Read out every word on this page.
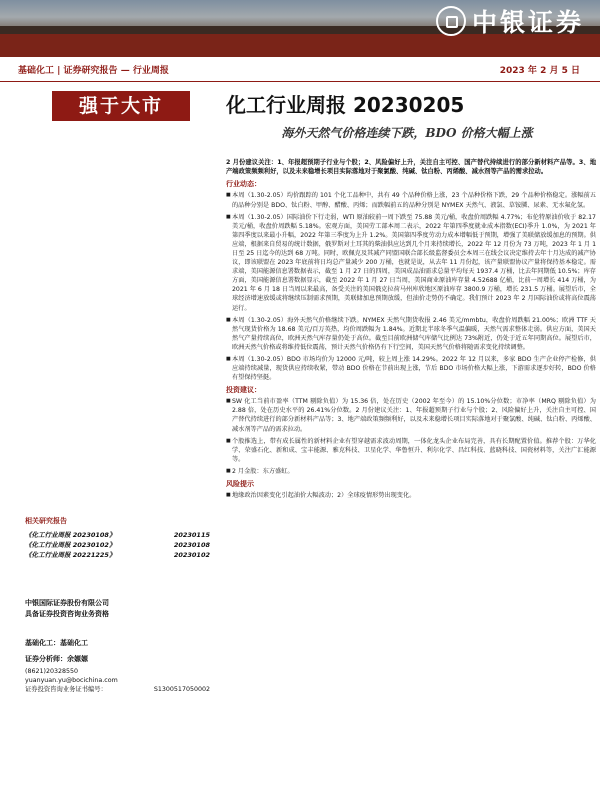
中银证券
基础化工 | 证券研究报告 — 行业周报	2023 年 2 月 5 日
强于大市	化工行业周报 20230205
海外天然气价格连续下跌，BDO 价格大幅上涨
相关研究报告
《化工行业周报 20230108》	20230115
《化工行业周报 20230102》	20230108
《化工行业周报 20221225》	20230102
中银国际证券股份有限公司
具备证券投资咨询业务资格
基础化工：基础化工
证券分析师：余嫄嫄
(8621)20328550
yuanyuan.yu@bocichina.com
证券投资咨询业务证书编号：	S1300517050002
2 月份建议关注：1、年报超预期子行业与个股；2、风险偏好上升，关注自主可控、国产替代持续进行的部分新材料产品等。3、地产端政策频频利好，以及未来稳增长项目实际落地对于聚氯酸、纯碱、钛白粉、丙烯酸、减水剂等产品的需求拉动。
行业动态：

■ 本周（1.30-2.05）均价跟踪的 101 个化工品种中，共有 49 个品种价格上涨，23 个品种价格下跌，29 个品种价格稳定。涨幅前五的品种分别是 BDO、钛白粉、甲醇、醋酸、丙烯；而跌幅前五的品种分别是 NYMEX 天然气、液氯、草铵膦、尿素、无水氟化氢。

■ 本周（1.30-2.05）国际油价下行走弱，WTI 原油较前一周下跌至 75.88 美元/桶，收盘价周跌幅 4.77%；布伦特原油价收于 82.17 美元/桶，收盘价周跌幅 5.18%。宏观方面，美国劳工部本周二表示，2022 年第四季度就业成本指数(ECI)季升 1.0%，为 2021 年第四季度以来最小升幅，2022 年第三季度为上升 1.2%。美国第四季度劳动力成本增幅低于预期，增强了美联储放缓加息的预期。供应端，根据来自贸易的统计数据，俄罗斯对土耳其的柴油供应达到几个月来持续增长，2022 年 12 月份为 73 万吨，2023 年 1 月 1 日至 25 日迄今的达到 68 万吨。同时，欧佩克及其减产同盟国联合部长级监督委员会本周三在线会议决定维持去年十月达成的减产协议，即该联盟在 2023 年底前将日均总产量减少 200 万桶，也就是说，从去年 11 月份起，该产量联盟协议产量将保持基本稳定。需求端，美国能源信息署数据表示，截至 1 月 27 日的四周，美国成品油需求总量平均每天 1937.4 万桶，比去年同期低 10.5%；库存方面，美国能源信息署数据显示，截至 2022 年 1 月 27 日当周，美国商业原油库存量 4.52688 亿桶，比前一周增长 414 万桶，为 2021 年 6 月 18 日当周以来最高，备受关注的美国俄克拉荷马州库欣地区原油库存 3800.9 万桶，增长 231.5 万桶。展望后市，全球经济增速放缓或将继续压制需求预期，美联储加息预期放缓，但油价走势仍不确定。我们预计 2023 年 2 月国际油价或将高位震荡运行。

■ 本周（1.30-2.05）海外天然气价格继续下跌。NYMEX 天然气期货收报 2.46 美元/mmbtu，收盘价周跌幅 21.00%；欧洲 TTF 天然气现货价格为 18.68 美元/百万英热，均价周跌幅为 1.84%。近期北半球冬季气温偏暖，天然气需求整体走弱。供应方面，美国天然气产量持续高位，欧洲天然气库存量仍处于高位。截至目前欧洲储气库储气比例达 73%附近，仍处于近五年同期高位。展望后市，欧洲天然气价格或将维持低位震荡，预计天然气价格仍有下行空间，美国天然气价格将随需求变化持续调整。

■ 本周（1.30-2.05）BDO 市场均价为 12000 元/吨，较上周上涨 14.29%。2022 年 12 月以来，多家 BDO 生产企业停产检修，供应端持续减量，现货供应持续收紧，带动 BDO 价格在节前出现上涨，节后 BDO 市场价格大幅上涨，下游需求逐步好转，BDO 价格有望保持坚挺。

投资建议：

■ SW 化工当前市盈率（TTM 剔除负值）为 15.36 倍，处在历史（2002 年至今）的 15.10%分位数；市净率（MRQ 剔除负值）为 2.88 倍，处在历史水平的 26.41%分位数。2 月份建议关注：1、年报超预期子行业与个股；2、风险偏好上升，关注自主可控、国产替代持续进行的部分新材料产品等；3、地产端政策频频利好，以及未来稳增长项目实际落地对于聚氯酸、纯碱、钛白粉、丙烯酸、减水剂等产品的需求拉动。

■ 个股推选上，带有成长属性的新材料企业有望穿越需求波动周期，一体化龙头企业布局完善，具有长期配置价值。推荐个股：万华化学、荣盛石化、新和成、宝丰能源、雅克科技、卫星化学、华鲁恒升、利尔化学、昌红科技、蓝晓科技、国瓷材料等，关注广汇能源等。

■ 2 月金股：东方盛虹。

风险提示

■ 地缘政治因素变化引起油价大幅波动；2）全球疫情形势出现变化。
